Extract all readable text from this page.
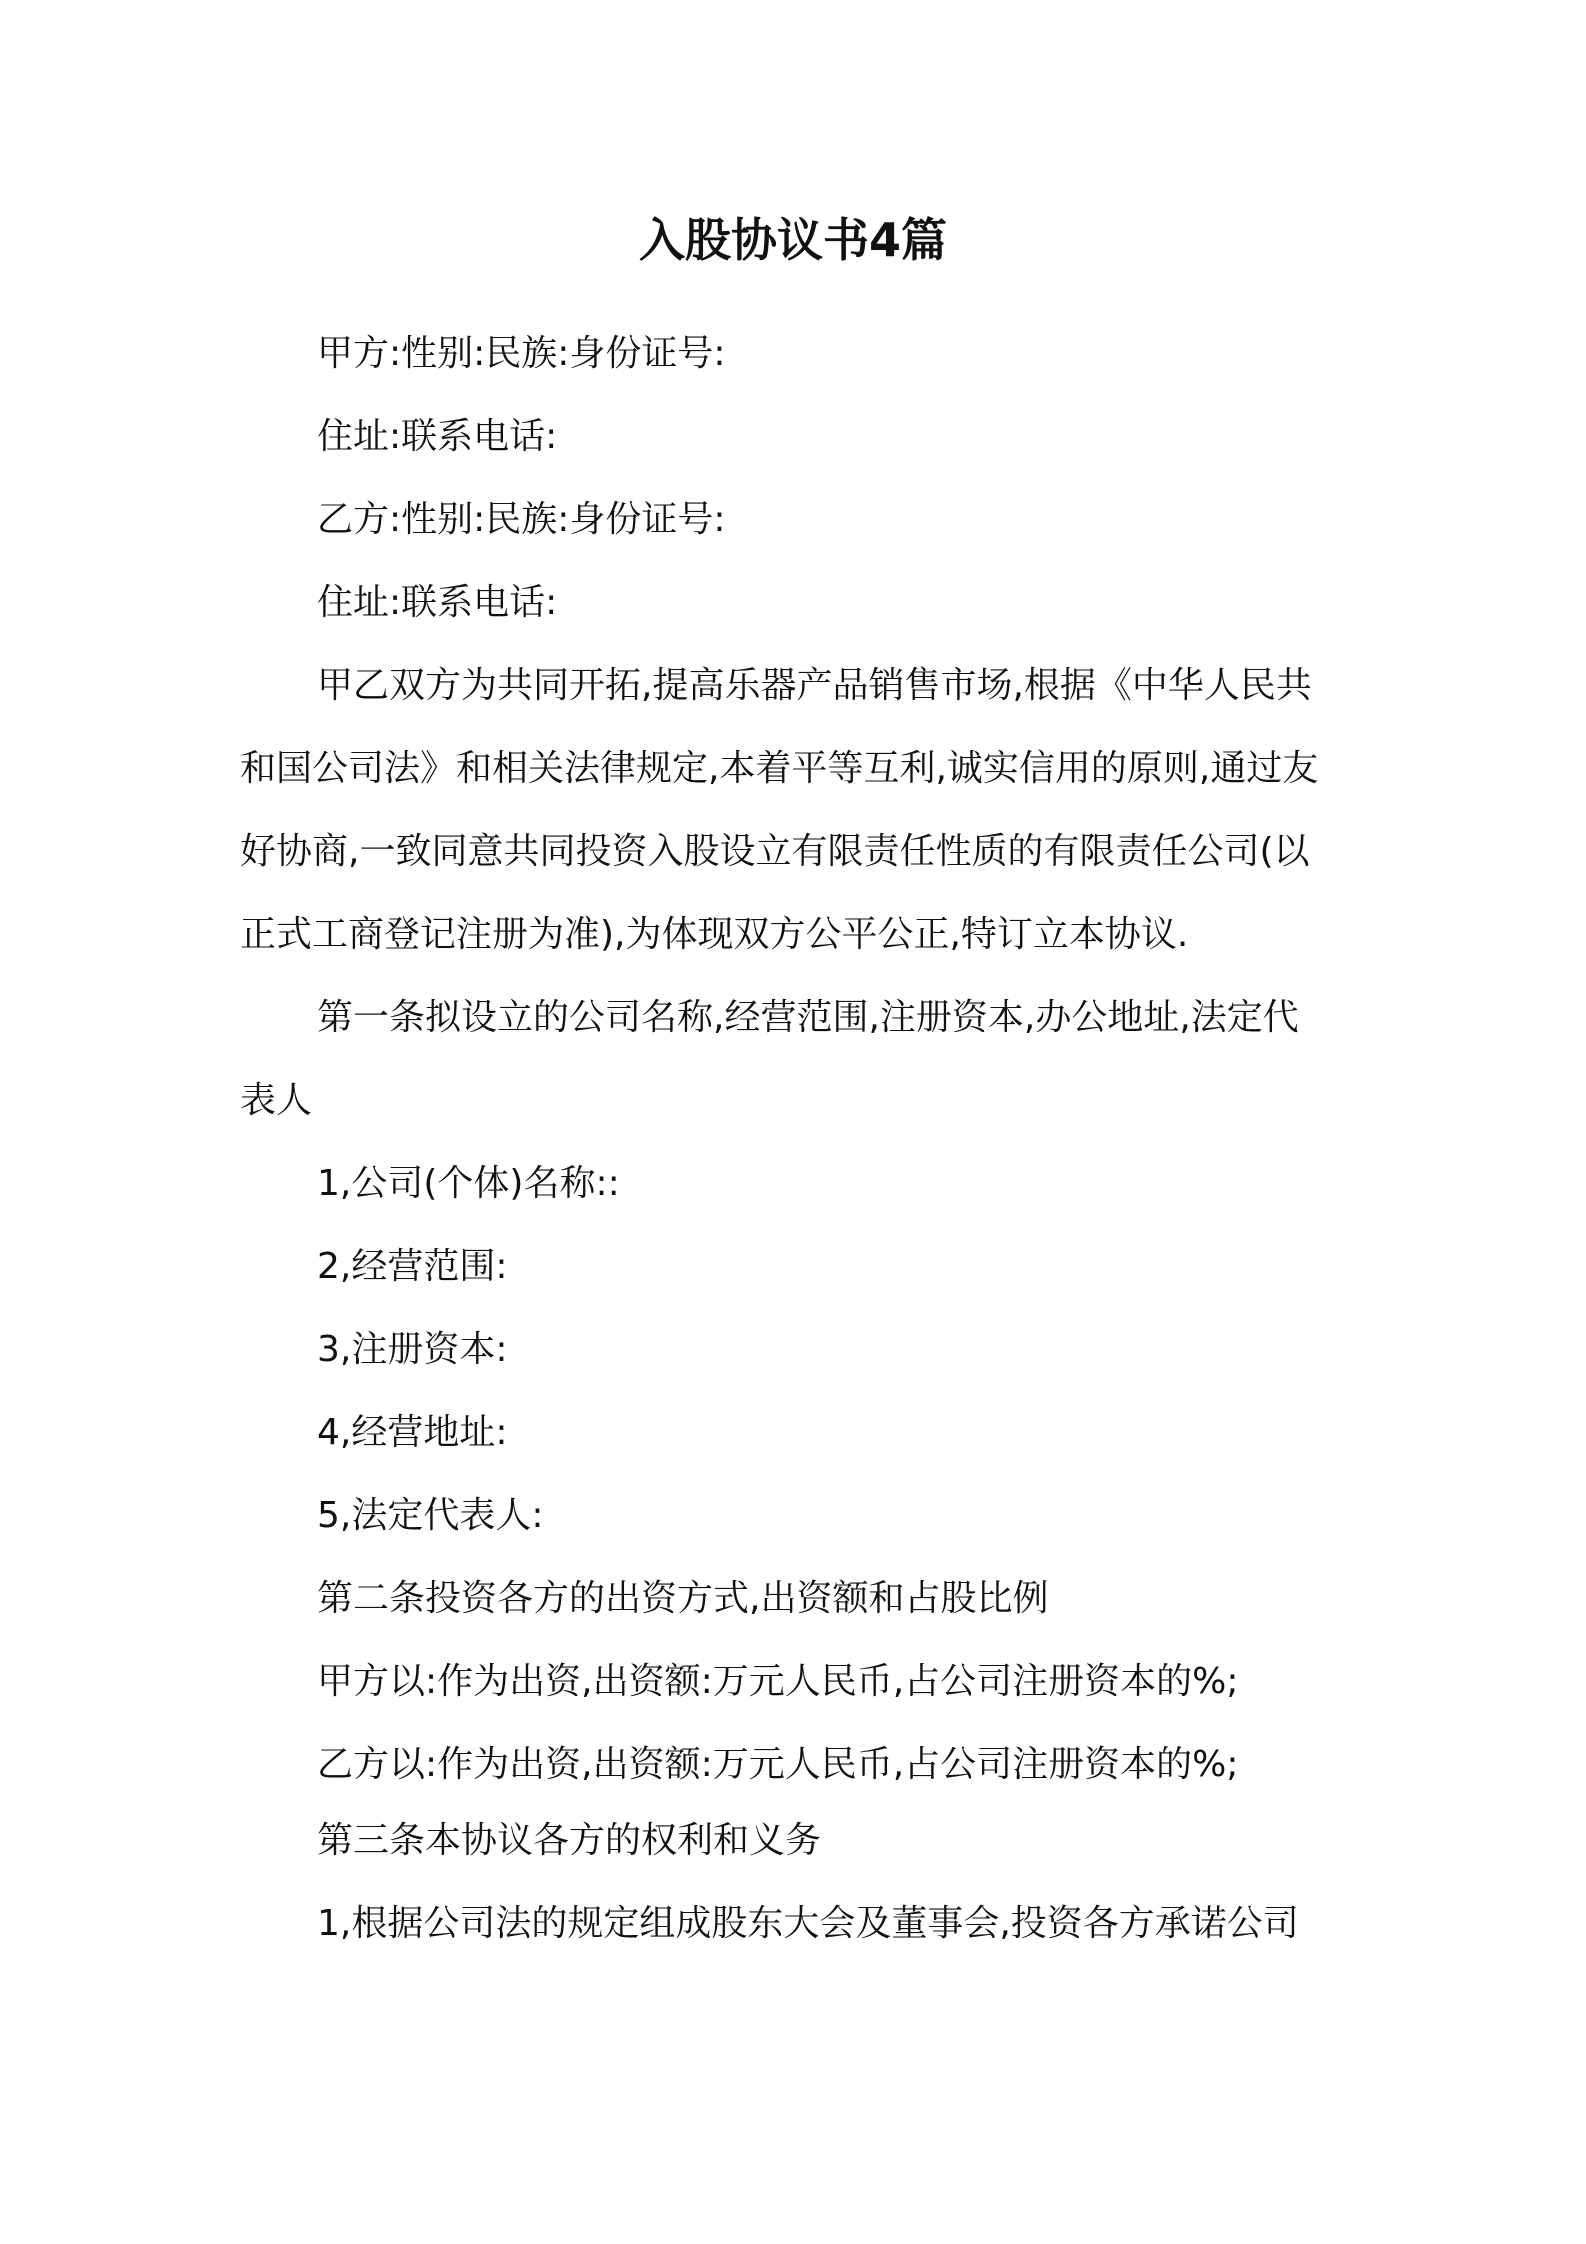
入股协议书4篇

甲方:性别:民族:身份证号:

住址:联系电话:

乙方:性别:民族:身份证号:

住址:联系电话:

甲乙双方为共同开拓,提高乐器产品销售市场,根据《中华人民共

和国公司法》和相关法律规定,本着平等互利,诚实信用的原则,通过友

好协商,一致同意共同投资入股设立有限责任性质的有限责任公司(以

正式工商登记注册为准),为体现双方公平公正,特订立本协议.

第一条拟设立的公司名称,经营范围,注册资本,办公地址,法定代

表人

1,公司(个体)名称::

2,经营范围:

3,注册资本:

4,经营地址:

5,法定代表人:

第二条投资各方的出资方式,出资额和占股比例

甲方以:作为出资,出资额:万元人民币,占公司注册资本的%;

乙方以:作为出资,出资额:万元人民币,占公司注册资本的%;

第三条本协议各方的权利和义务

1,根据公司法的规定组成股东大会及董事会,投资各方承诺公司
